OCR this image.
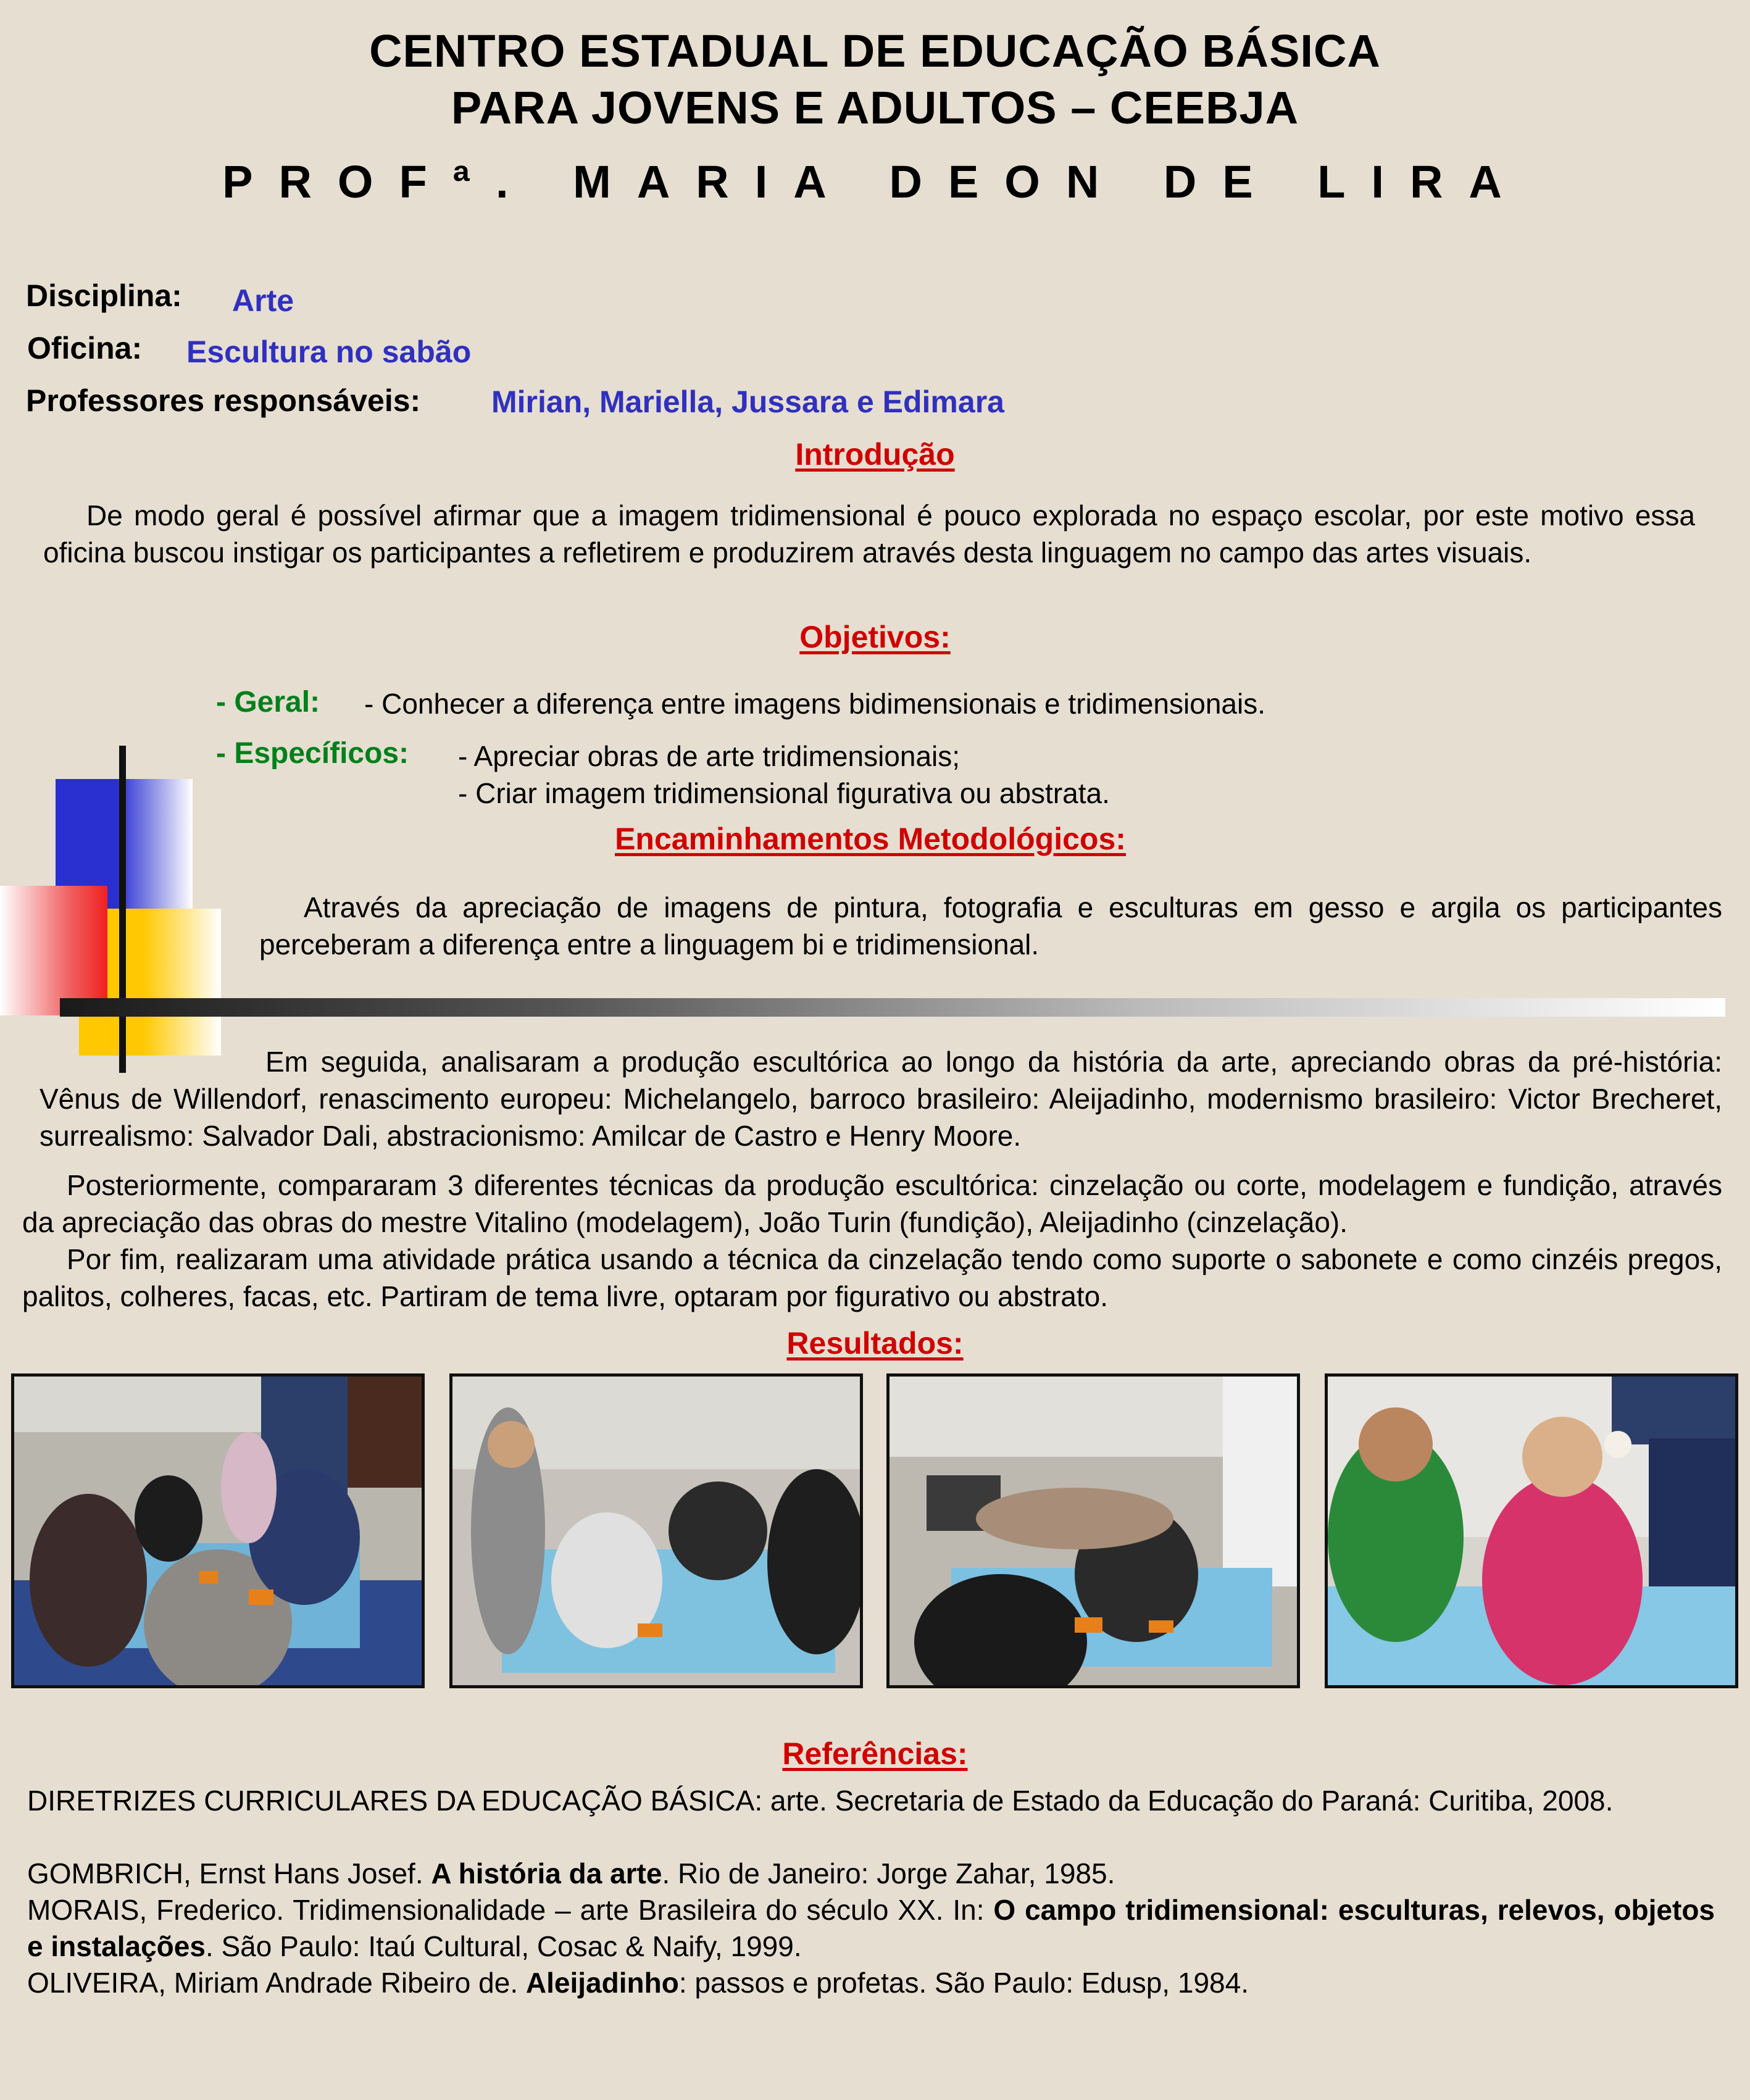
CENTRO ESTADUAL DE EDUCAÇÃO BÁSICA
PARA JOVENS E ADULTOS – CEEBJA
PROFª. MARIA DEON DE LIRA
Disciplina: Arte
Oficina: Escultura no sabão
Professores responsáveis: Mirian, Mariella, Jussara e Edimara
Introdução
De modo geral é possível afirmar que a imagem tridimensional é pouco explorada no espaço escolar, por este motivo essa oficina buscou instigar os participantes a refletirem e produzirem através desta linguagem no campo das artes visuais.
Objetivos:
- Geral: - Conhecer a diferença entre imagens bidimensionais e tridimensionais.
- Específicos: - Apreciar obras de arte tridimensionais;
- Criar imagem tridimensional figurativa ou abstrata.
Encaminhamentos Metodológicos:
Através da apreciação de imagens de pintura, fotografia e esculturas em gesso e argila os participantes perceberam a diferença entre a linguagem bi e tridimensional.
Em seguida, analisaram a produção escultórica ao longo da história da arte, apreciando obras da pré-história: Vênus de Willendorf, renascimento europeu: Michelangelo, barroco brasileiro: Aleijadinho, modernismo brasileiro: Victor Brecheret, surrealismo: Salvador Dali, abstracionismo: Amilcar de Castro e Henry Moore.
Posteriormente, compararam 3 diferentes técnicas da produção escultórica: cinzelação ou corte, modelagem e fundição, através da apreciação das obras do mestre Vitalino (modelagem), João Turin (fundição), Aleijadinho (cinzelação).
Por fim, realizaram uma atividade prática usando a técnica da cinzelação tendo como suporte o sabonete e como cinzéis pregos, palitos, colheres, facas, etc. Partiram de tema livre, optaram por figurativo ou abstrato.
Resultados:
Referências:
DIRETRIZES CURRICULARES DA EDUCAÇÃO BÁSICA: arte. Secretaria de Estado da Educação do Paraná: Curitiba, 2008.
GOMBRICH, Ernst Hans Josef. A história da arte. Rio de Janeiro: Jorge Zahar, 1985.
MORAIS, Frederico. Tridimensionalidade – arte Brasileira do século XX. In: O campo tridimensional: esculturas, relevos, objetos e instalações. São Paulo: Itaú Cultural, Cosac & Naify, 1999.
OLIVEIRA, Miriam Andrade Ribeiro de. Aleijadinho: passos e profetas. São Paulo: Edusp, 1984.
